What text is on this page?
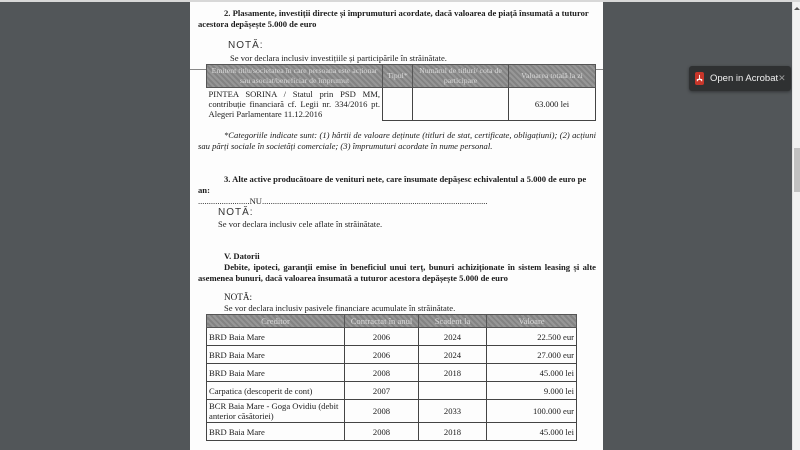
2. Plasamente, investiții directe și împrumuturi acordate, dacă valoarea de piață însumată a tuturor acestora depășește 5.000 de euro
NOTĂ:
Se vor declara inclusiv investițiile și participările în străinătate.
Emitent titlu/societatea în care persoana este acționar sau asociat/beneficiar de împrumut	Tipul*	Numărul de titluri/ cota de participare	Valoarea totală la zi
PINTEA SORINA / Statul prin PSD MM, contribuție financiară cf. Legii nr. 334/2016 pt. Alegeri Parlamentare 11.12.2016			63.000 lei
*Categoriile indicate sunt: (1) hârtii de valoare deținute (titluri de stat, certificate, obligațiuni); (2) acțiuni sau părți sociale în societăți comerciale; (3) împrumuturi acordate în nume personal.
3. Alte active producătoare de venituri nete, care însumate depășesc echivalentul a 5.000 de euro pe an:
........................NU.........................................................................................................
NOTĂ:
Se vor declara inclusiv cele aflate în străinătate.
V. Datorii
Debite, ipoteci, garanții emise în beneficiul unui terț, bunuri achiziționate în sistem leasing și alte asemenea bunuri, dacă valoarea însumată a tuturor acestora depășește 5.000 de euro
NOTĂ:
Se vor declara inclusiv pasivele financiare acumulate în străinătate.
Creditor	Contractat în anul	Scadent la	Valoare
BRD Baia Mare	2006	2024	22.500 eur
BRD Baia Mare	2006	2024	27.000 eur
BRD Baia Mare	2008	2018	45.000 lei
Carpatica (descoperit de cont)	2007		9.000 lei
BCR Baia Mare - Goga Ovidiu (debit anterior căsătoriei)	2008	2033	100.000 eur
BRD Baia Mare	2008	2018	45.000 lei
Open in Acrobat ✕
